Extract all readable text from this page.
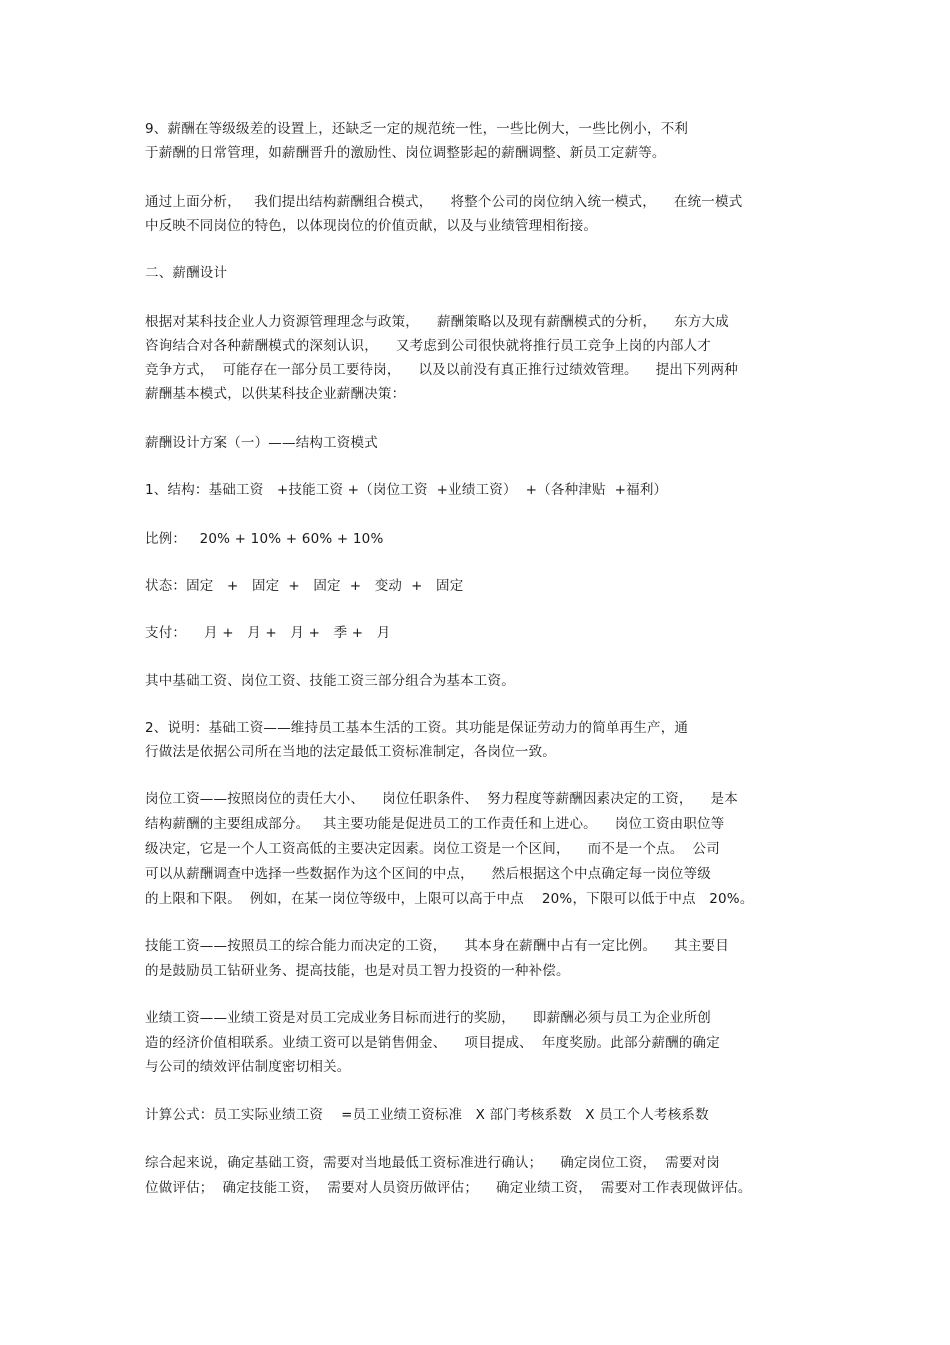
9、薪酬在等级级差的设置上，还缺乏一定的规范统一性，一些比例大，一些比例小，不利
于薪酬的日常管理，如薪酬晋升的激励性、岗位调整影起的薪酬调整、新员工定薪等。
通过上面分析，   我们提出结构薪酬组合模式，    将整个公司的岗位纳入统一模式，    在统一模式
中反映不同岗位的特色，以体现岗位的价值贡献，以及与业绩管理相衔接。
二、薪酬设计
根据对某科技企业人力资源管理理念与政策，    薪酬策略以及现有薪酬模式的分析，    东方大成
咨询结合对各种薪酬模式的深刻认识，    又考虑到公司很快就将推行员工竞争上岗的内部人才
竞争方式，  可能存在一部分员工要待岗，    以及以前没有真正推行过绩效管理。    提出下列两种
薪酬基本模式，以供某科技企业薪酬决策：
薪酬设计方案（一）——结构工资模式
1、结构：基础工资   +技能工资 +（岗位工资  +业绩工资）  +（各种津贴  +福利）
比例：   20% + 10% + 60% + 10%
状态：固定   +   固定  +   固定  +   变动  +   固定
支付：    月 +   月 +   月 +   季 +   月
其中基础工资、岗位工资、技能工资三部分组合为基本工资。
2、说明：基础工资——维持员工基本生活的工资。其功能是保证劳动力的简单再生产，通
行做法是依据公司所在当地的法定最低工资标准制定，各岗位一致。
岗位工资——按照岗位的责任大小、    岗位任职条件、  努力程度等薪酬因素决定的工资，    是本
结构薪酬的主要组成部分。   其主要功能是促进员工的工作责任和上进心。    岗位工资由职位等
级决定，它是一个人工资高低的主要决定因素。岗位工资是一个区间，    而不是一个点。  公司
可以从薪酬调查中选择一些数据作为这个区间的中点，    然后根据这个中点确定每一岗位等级
的上限和下限。  例如，在某一岗位等级中，上限可以高于中点    20%，下限可以低于中点   20%。
技能工资——按照员工的综合能力而决定的工资，    其本身在薪酬中占有一定比例。    其主要目
的是鼓励员工钻研业务、提高技能，也是对员工智力投资的一种补偿。
业绩工资——业绩工资是对员工完成业务目标而进行的奖励，    即薪酬必须与员工为企业所创
造的经济价值相联系。业绩工资可以是销售佣金、    项目提成、  年度奖励。此部分薪酬的确定
与公司的绩效评估制度密切相关。
计算公式：员工实际业绩工资    =员工业绩工资标准   X 部门考核系数   X 员工个人考核系数
综合起来说，确定基础工资，需要对当地最低工资标准进行确认；    确定岗位工资，  需要对岗
位做评估；  确定技能工资，  需要对人员资历做评估；    确定业绩工资，  需要对工作表现做评估。
